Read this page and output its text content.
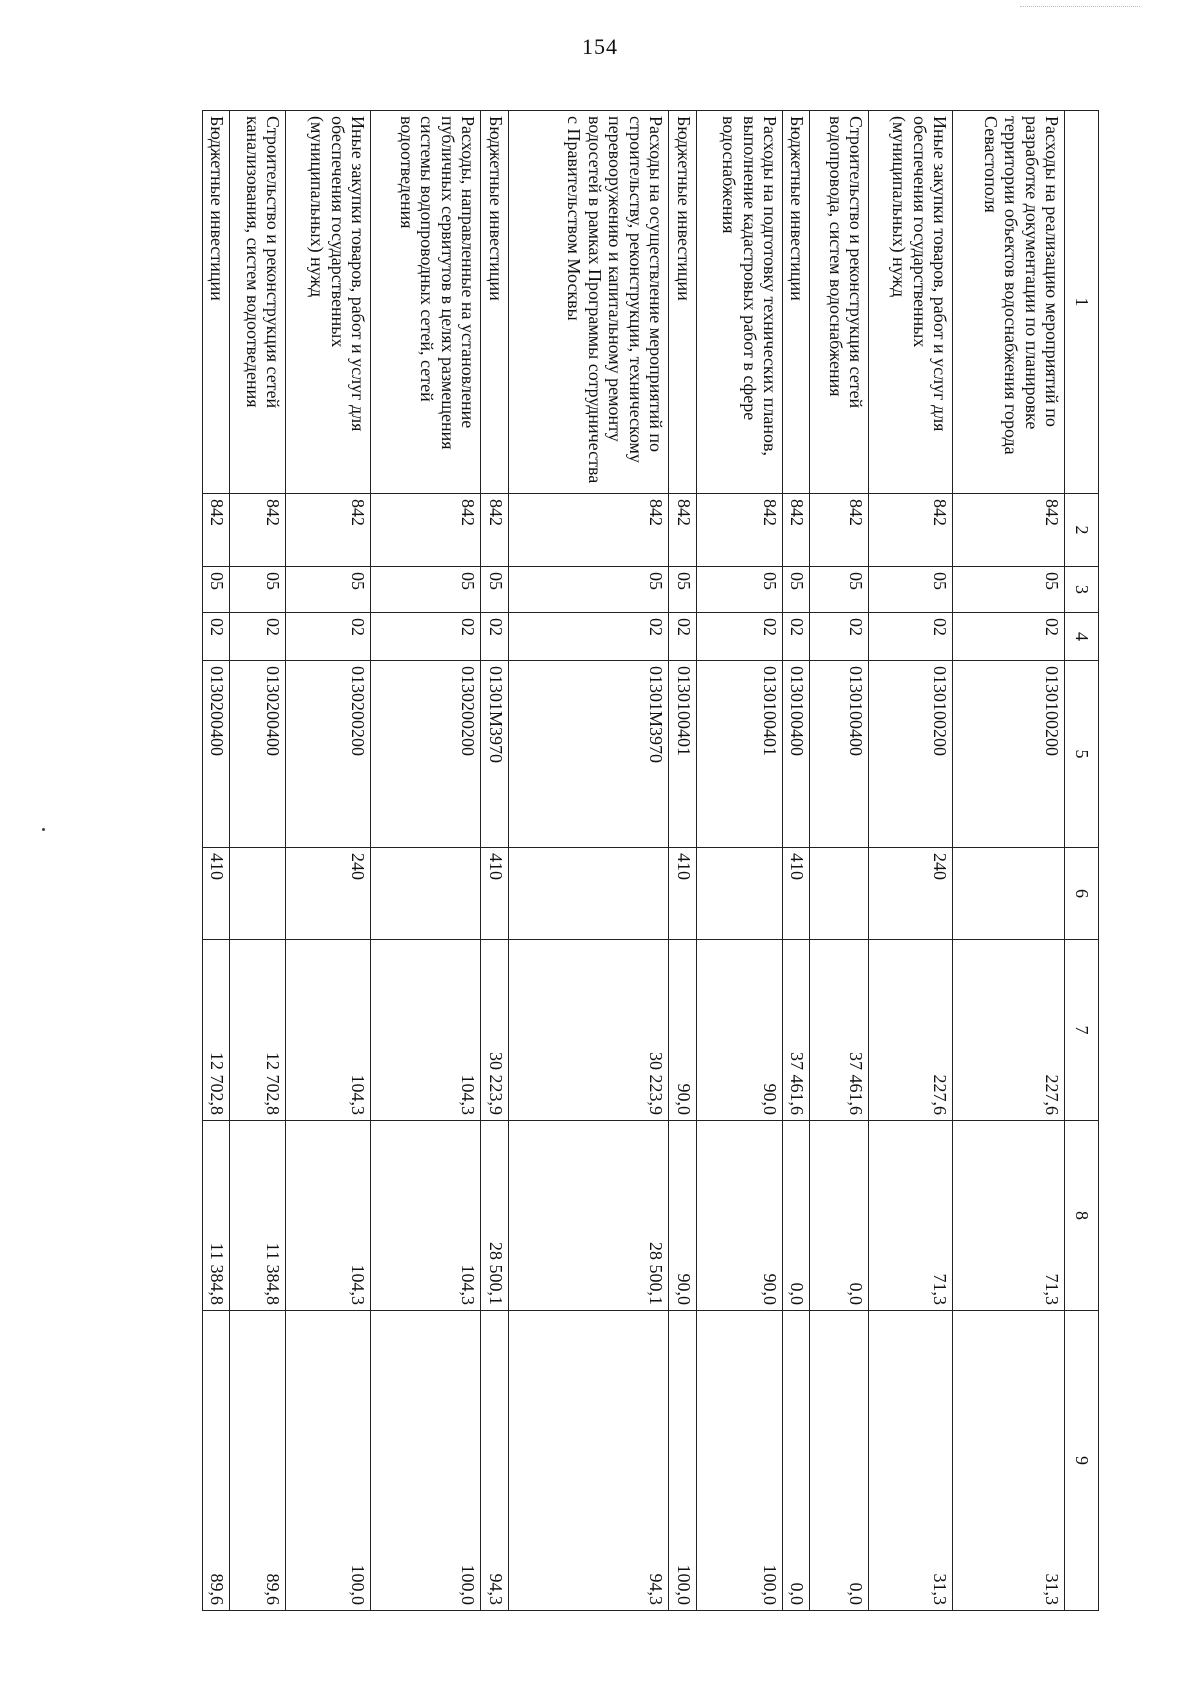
154
1	2	3	4	5	6	7	8	9
Расходы на реализацию мероприятий по разработке документации по планировке территории объектов водоснабжения города Севастополя	842	05	02	0130100200		227,6	71,3	31,3
Иные закупки товаров, работ и услуг для обеспечения государственных (муниципальных) нужд	842	05	02	0130100200	240	227,6	71,3	31,3
Строительство и реконструкция сетей водопровода, систем водоснабжения	842	05	02	0130100400		37 461,6	0,0	0,0
Бюджетные инвестиции	842	05	02	0130100400	410	37 461,6	0,0	0,0
Расходы на подготовку технических планов, выполнение кадастровых работ в сфере водоснабжения	842	05	02	0130100401		90,0	90,0	100,0
Бюджетные инвестиции	842	05	02	0130100401	410	90,0	90,0	100,0
Расходы на осуществление мероприятий по строительству, реконструкции, техническому перевооружению и капитальному ремонту водосетей в рамках Программы сотрудничества с Правительством Москвы	842	05	02	01301M3970		30 223,9	28 500,1	94,3
Бюджетные инвестиции	842	05	02	01301M3970	410	30 223,9	28 500,1	94,3
Расходы, направленные на установление публичных сервитутов в целях размещения системы водопроводных сетей, сетей водоотведения	842	05	02	0130200200		104,3	104,3	100,0
Иные закупки товаров, работ и услуг для обеспечения государственных (муниципальных) нужд	842	05	02	0130200200	240	104,3	104,3	100,0
Строительство и реконструкция сетей канализования, систем водоотведения	842	05	02	0130200400		12 702,8	11 384,8	89,6
Бюджетные инвестиции	842	05	02	0130200400	410	12 702,8	11 384,8	89,6
